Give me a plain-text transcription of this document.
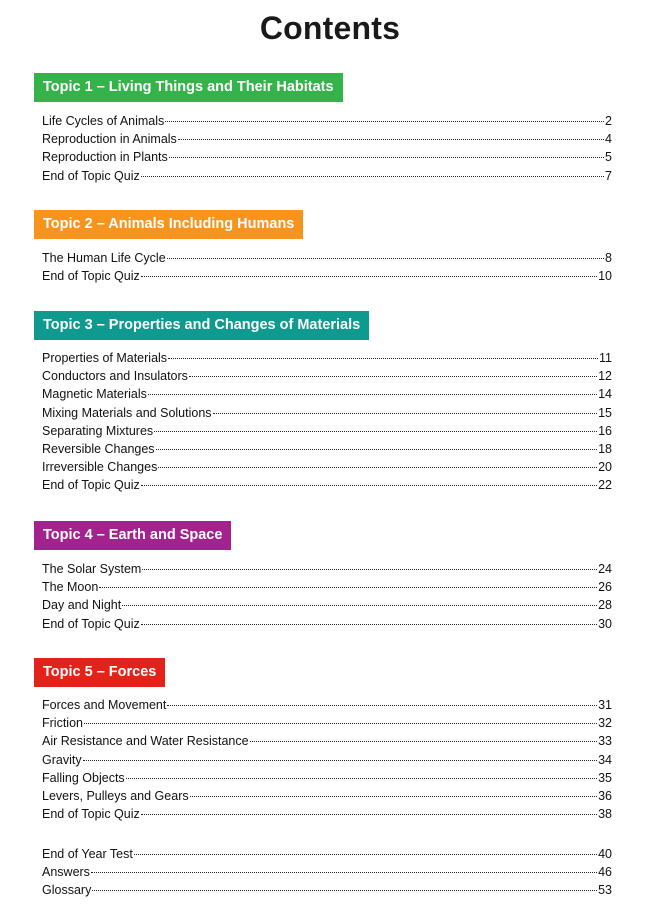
Contents
Topic 1 – Living Things and Their Habitats
Life Cycles of Animals	2
Reproduction in Animals	4
Reproduction in Plants	5
End of Topic Quiz	7
Topic 2 – Animals Including Humans
The Human Life Cycle	8
End of Topic Quiz	10
Topic 3 – Properties and Changes of Materials
Properties of Materials	11
Conductors and Insulators	12
Magnetic Materials	14
Mixing Materials and Solutions	15
Separating Mixtures	16
Reversible Changes	18
Irreversible Changes	20
End of Topic Quiz	22
Topic 4 – Earth and Space
The Solar System	24
The Moon	26
Day and Night	28
End of Topic Quiz	30
Topic 5 – Forces
Forces and Movement	31
Friction	32
Air Resistance and Water Resistance	33
Gravity	34
Falling Objects	35
Levers, Pulleys and Gears	36
End of Topic Quiz	38
End of Year Test	40
Answers	46
Glossary	53
